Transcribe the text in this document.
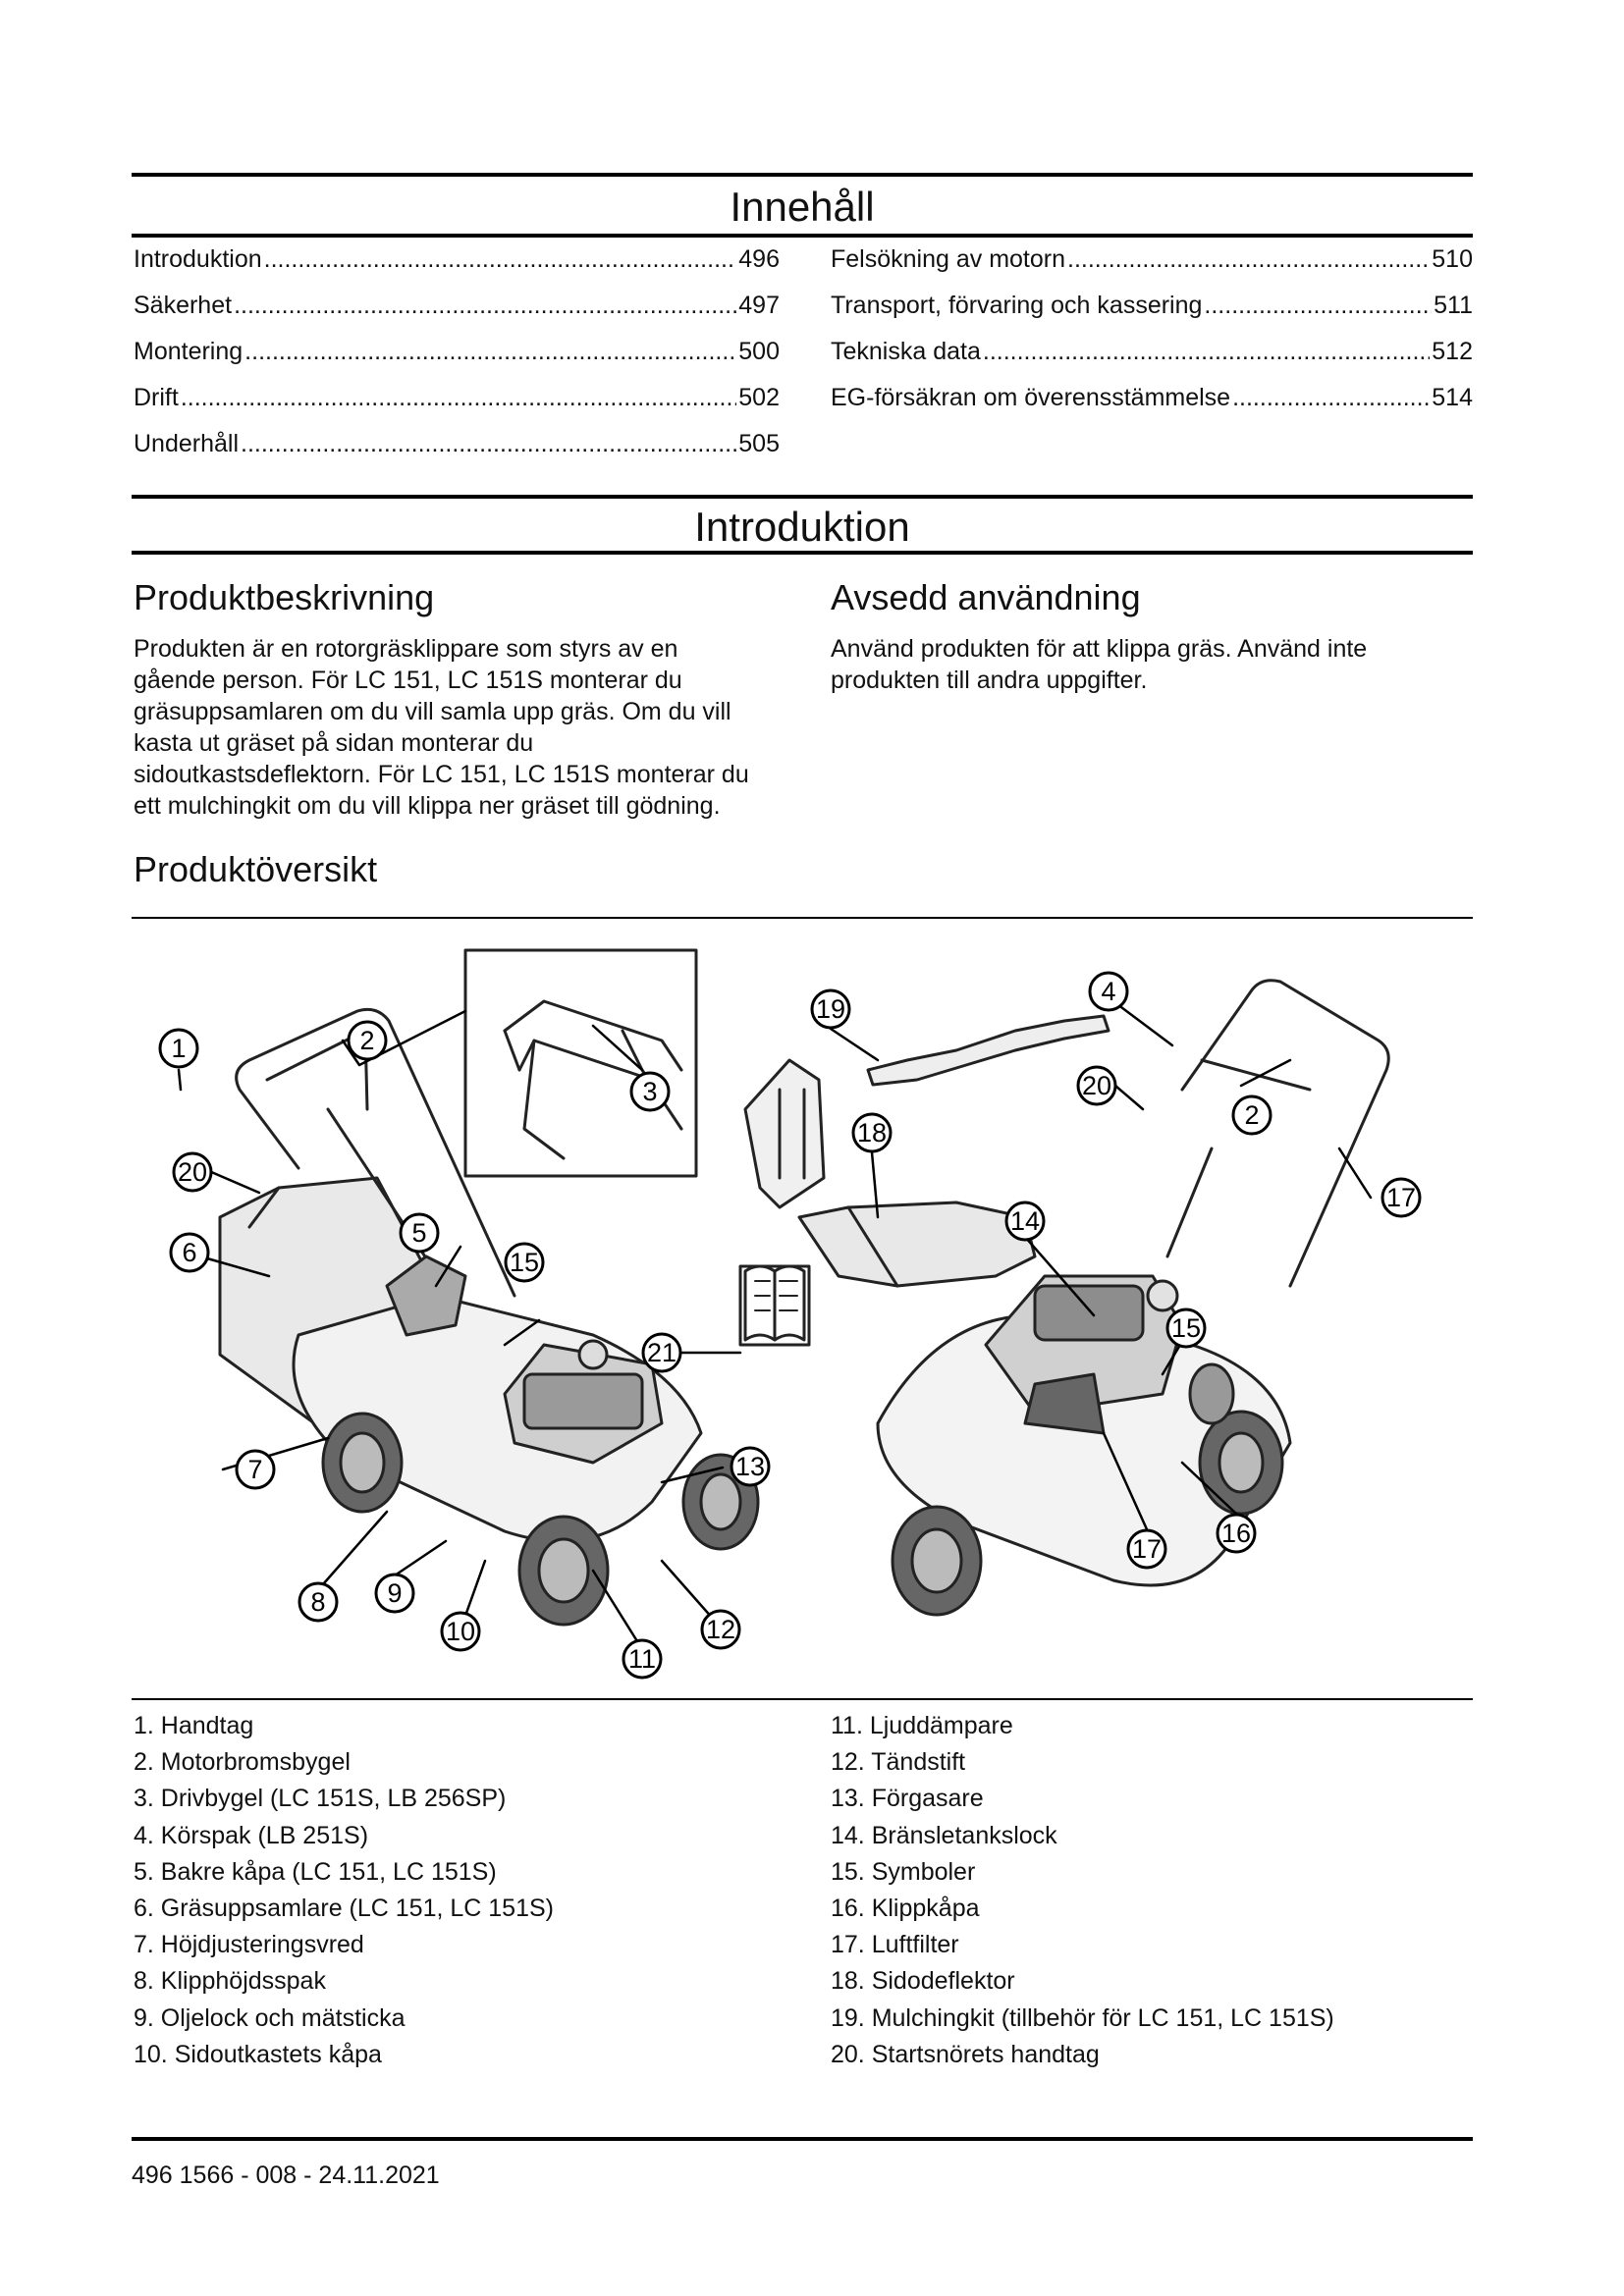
Innehåll
Introduktion .....	496
Säkerhet .....	497
Montering .....	500
Drift .....	502
Underhåll .....	505
Felsökning av motorn .....	510
Transport, förvaring och kassering .....	511
Tekniska data .....	512
EG-försäkran om överensstämmelse .....	514
Introduktion
Produktbeskrivning
Produkten är en rotorgräsklippare som styrs av en
gående person. För LC 151, LC 151S monterar du
gräsuppsamlaren om du vill samla upp gräs. Om du vill
kasta ut gräset på sidan monterar du
sidoutkastsdeflektorn. För LC 151, LC 151S monterar du
ett mulchingkit om du vill klippa ner gräset till gödning.
Avsedd användning
Använd produkten för att klippa gräs. Använd inte
produkten till andra uppgifter.
Produktöversikt
1	2
3
4
5
6
7
8 9
10
11
12
13
14
15
15
16
17
17
18
19
20
20
2
21
1. Handtag
2. Motorbromsbygel
3. Drivbygel (LC 151S, LB 256SP)
4. Körspak (LB 251S)
5. Bakre kåpa (LC 151, LC 151S)
6. Gräsuppsamlare (LC 151, LC 151S)
7. Höjdjusteringsvred
8. Klipphöjdsspak
9. Oljelock och mätsticka
10. Sidoutkastets kåpa
11. Ljuddämpare
12. Tändstift
13. Förgasare
14. Bränsletankslock
15. Symboler
16. Klippkåpa
17. Luftfilter
18. Sidodeflektor
19. Mulchingkit (tillbehör för LC 151, LC 151S)
20. Startsnörets handtag
496 1566 - 008 - 24.11.2021
